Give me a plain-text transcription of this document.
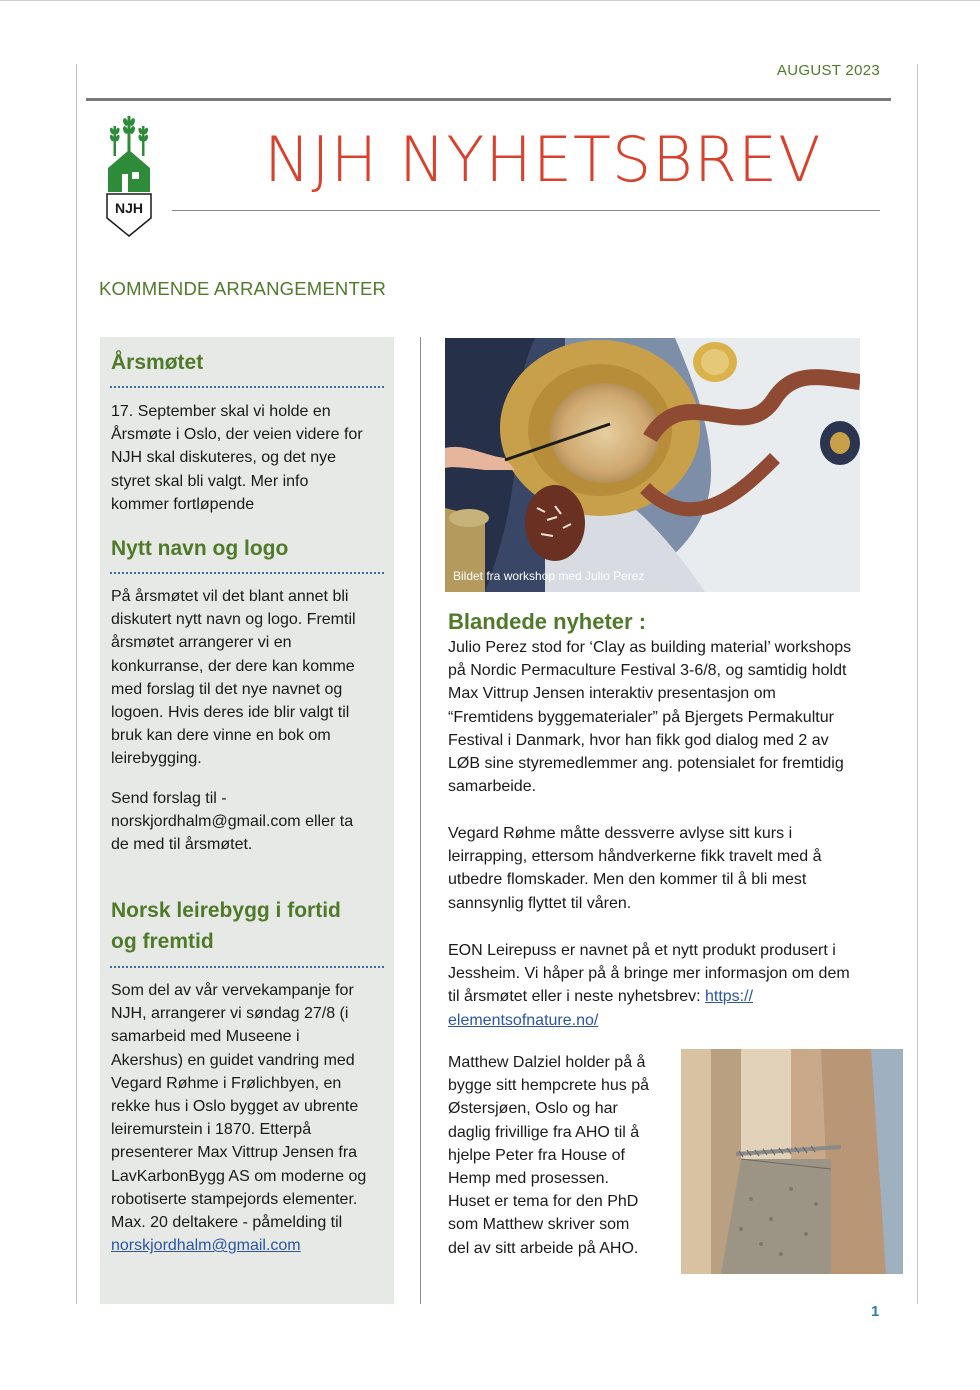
AUGUST 2023
NJH
NJH NYHETSBREV
KOMMENDE ARRANGEMENTER
Årsmøtet
17. September skal vi holde en
Årsmøte i Oslo, der veien videre for
NJH skal diskuteres, og det nye
styret skal bli valgt. Mer info
kommer fortløpende
Nytt navn og logo
På årsmøtet vil det blant annet bli
diskutert nytt navn og logo. Fremtil
årsmøtet arrangerer vi en
konkurranse, der dere kan komme
med forslag til det nye navnet og
logoen. Hvis deres ide blir valgt til
bruk kan dere vinne en bok om
leirebygging.
Send forslag til -
norskjordhalm@gmail.com eller ta
de med til årsmøtet.
Norsk leirebygg i fortid
og fremtid
Som del av vår vervekampanje for
NJH, arrangerer vi søndag 27/8 (i
samarbeid med Museene i
Akershus) en guidet vandring med
Vegard Røhme i Frølichbyen, en
rekke hus i Oslo bygget av ubrente
leiremurstein i 1870. Etterpå
presenterer Max Vittrup Jensen fra
LavKarbonBygg AS om moderne og
robotiserte stampejords elementer.
Max. 20 deltakere - påmelding til
norskjordhalm@gmail.com
Bildet fra workshop med Julio Perez
Blandede nyheter :
Julio Perez stod for ‘Clay as building material’ workshops
på Nordic Permaculture Festival 3-6/8, og samtidig holdt
Max Vittrup Jensen interaktiv presentasjon om
“Fremtidens byggematerialer” på Bjergets Permakultur
Festival i Danmark, hvor han fikk god dialog med 2 av
LØB sine styremedlemmer ang. potensialet for fremtidig
samarbeide.
Vegard Røhme måtte dessverre avlyse sitt kurs i
leirrapping, ettersom håndverkerne fikk travelt med å
utbedre flomskader. Men den kommer til å bli mest
sannsynlig flyttet til våren.
EON Leirepuss er navnet på et nytt produkt produsert i
Jessheim. Vi håper på å bringe mer informasjon om dem
til årsmøtet eller i neste nyhetsbrev: https://
elementsofnature.no/
Matthew Dalziel holder på å
bygge sitt hempcrete hus på
Østersjøen, Oslo og har
daglig frivillige fra AHO til å
hjelpe Peter fra House of
Hemp med prosessen.
Huset er tema for den PhD
som Matthew skriver som
del av sitt arbeide på AHO.
1
